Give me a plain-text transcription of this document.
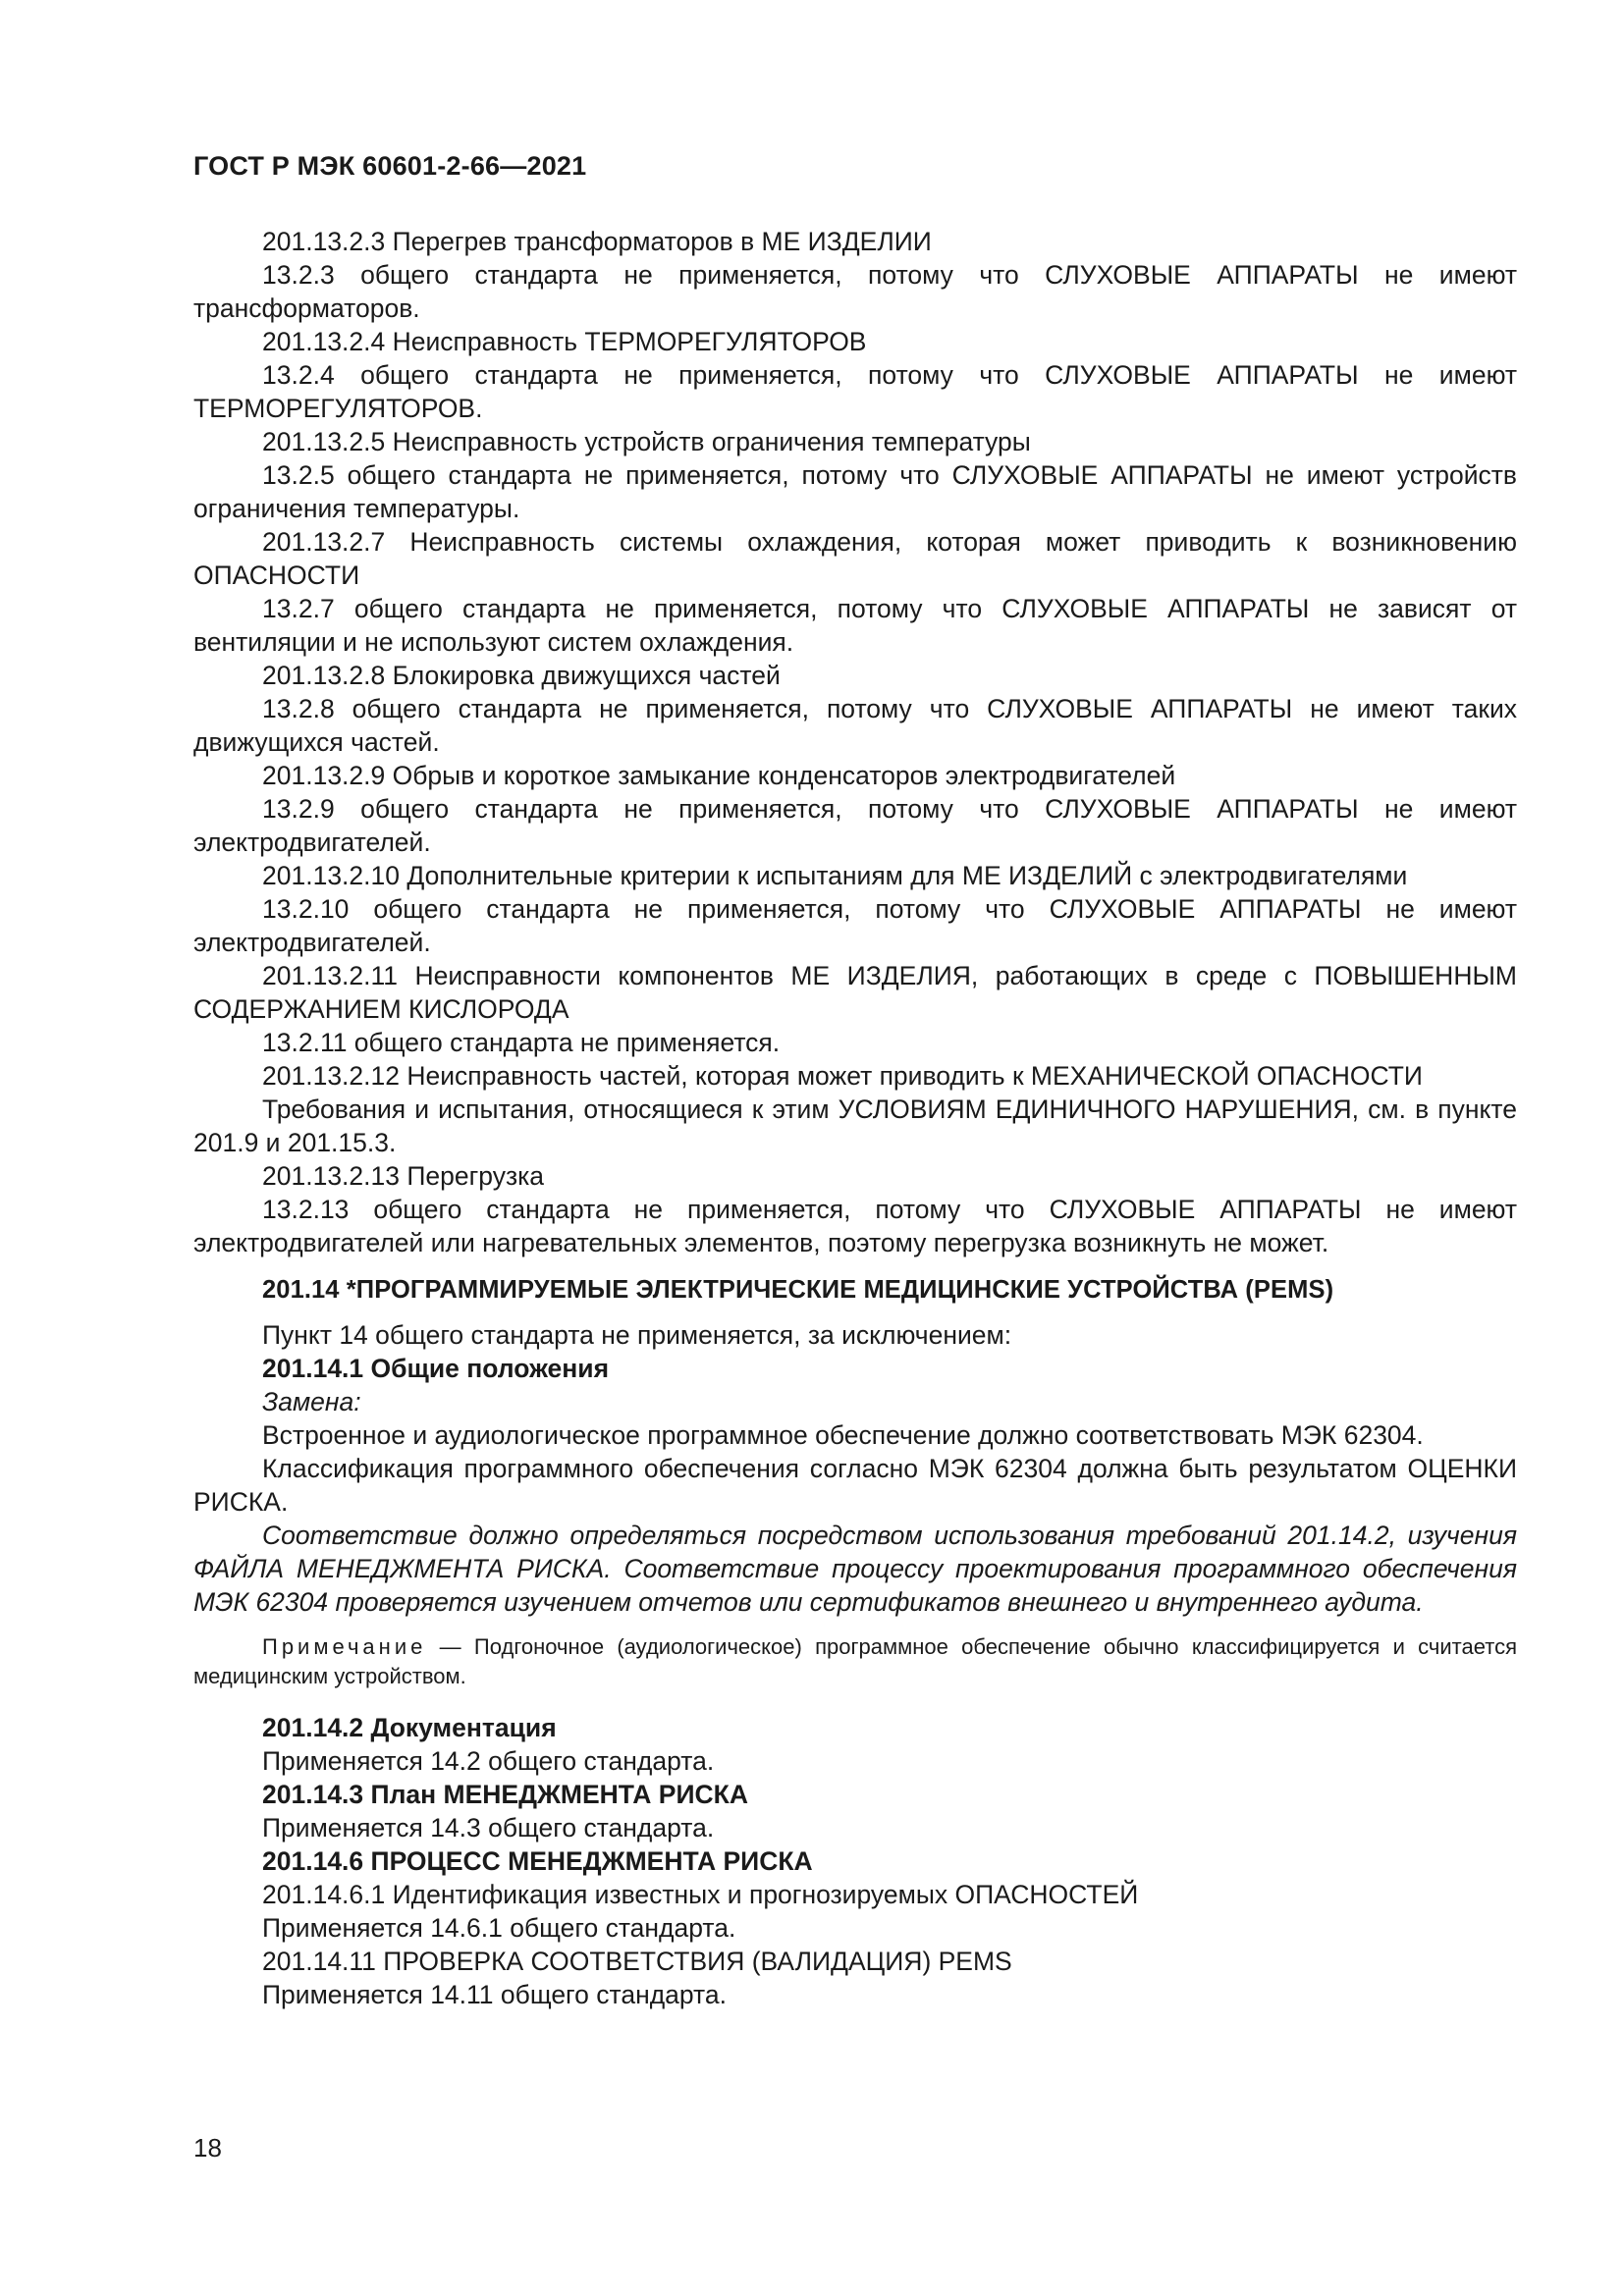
ГОСТ Р МЭК 60601-2-66—2021

201.13.2.3 Перегрев трансформаторов в МЕ ИЗДЕЛИИ

13.2.3 общего стандарта не применяется, потому что СЛУХОВЫЕ АППАРАТЫ не имеют трансформаторов.

201.13.2.4 Неисправность ТЕРМОРЕГУЛЯТОРОВ

13.2.4 общего стандарта не применяется, потому что СЛУХОВЫЕ АППАРАТЫ не имеют ТЕРМОРЕГУЛЯТОРОВ.

201.13.2.5 Неисправность устройств ограничения температуры

13.2.5 общего стандарта не применяется, потому что СЛУХОВЫЕ АППАРАТЫ не имеют устройств ограничения температуры.

201.13.2.7 Неисправность системы охлаждения, которая может приводить к возникновению ОПАСНОСТИ

13.2.7 общего стандарта не применяется, потому что СЛУХОВЫЕ АППАРАТЫ не зависят от вентиляции и не используют систем охлаждения.

201.13.2.8 Блокировка движущихся частей

13.2.8 общего стандарта не применяется, потому что СЛУХОВЫЕ АППАРАТЫ не имеют таких движущихся частей.

201.13.2.9 Обрыв и короткое замыкание конденсаторов электродвигателей

13.2.9 общего стандарта не применяется, потому что СЛУХОВЫЕ АППАРАТЫ не имеют электродвигателей.

201.13.2.10 Дополнительные критерии к испытаниям для МЕ ИЗДЕЛИЙ с электродвигателями

13.2.10 общего стандарта не применяется, потому что СЛУХОВЫЕ АППАРАТЫ не имеют электродвигателей.

201.13.2.11 Неисправности компонентов МЕ ИЗДЕЛИЯ, работающих в среде с ПОВЫШЕННЫМ СОДЕРЖАНИЕМ КИСЛОРОДА

13.2.11 общего стандарта не применяется.

201.13.2.12 Неисправность частей, которая может приводить к МЕХАНИЧЕСКОЙ ОПАСНОСТИ

Требования и испытания, относящиеся к этим УСЛОВИЯМ ЕДИНИЧНОГО НАРУШЕНИЯ, см. в пункте 201.9 и 201.15.3.

201.13.2.13 Перегрузка

13.2.13 общего стандарта не применяется, потому что СЛУХОВЫЕ АППАРАТЫ не имеют электродвигателей или нагревательных элементов, поэтому перегрузка возникнуть не может.

201.14 *ПРОГРАММИРУЕМЫЕ ЭЛЕКТРИЧЕСКИЕ МЕДИЦИНСКИЕ УСТРОЙСТВА (PEMS)

Пункт 14 общего стандарта не применяется, за исключением:

201.14.1 Общие положения

Замена:

Встроенное и аудиологическое программное обеспечение должно соответствовать МЭК 62304.

Классификация программного обеспечения согласно МЭК 62304 должна быть результатом ОЦЕНКИ РИСКА.

Соответствие должно определяться посредством использования требований 201.14.2, изучения ФАЙЛА МЕНЕДЖМЕНТА РИСКА. Соответствие процессу проектирования программного обеспечения МЭК 62304 проверяется изучением отчетов или сертификатов внешнего и внутреннего аудита.

Примечание — Подгоночное (аудиологическое) программное обеспечение обычно классифицируется и считается медицинским устройством.

201.14.2 Документация

Применяется 14.2 общего стандарта.

201.14.3 План МЕНЕДЖМЕНТА РИСКА

Применяется 14.3 общего стандарта.

201.14.6 ПРОЦЕСС МЕНЕДЖМЕНТА РИСКА

201.14.6.1 Идентификация известных и прогнозируемых ОПАСНОСТЕЙ

Применяется 14.6.1 общего стандарта.

201.14.11 ПРОВЕРКА СООТВЕТСТВИЯ (ВАЛИДАЦИЯ) PEMS

Применяется 14.11 общего стандарта.

18
